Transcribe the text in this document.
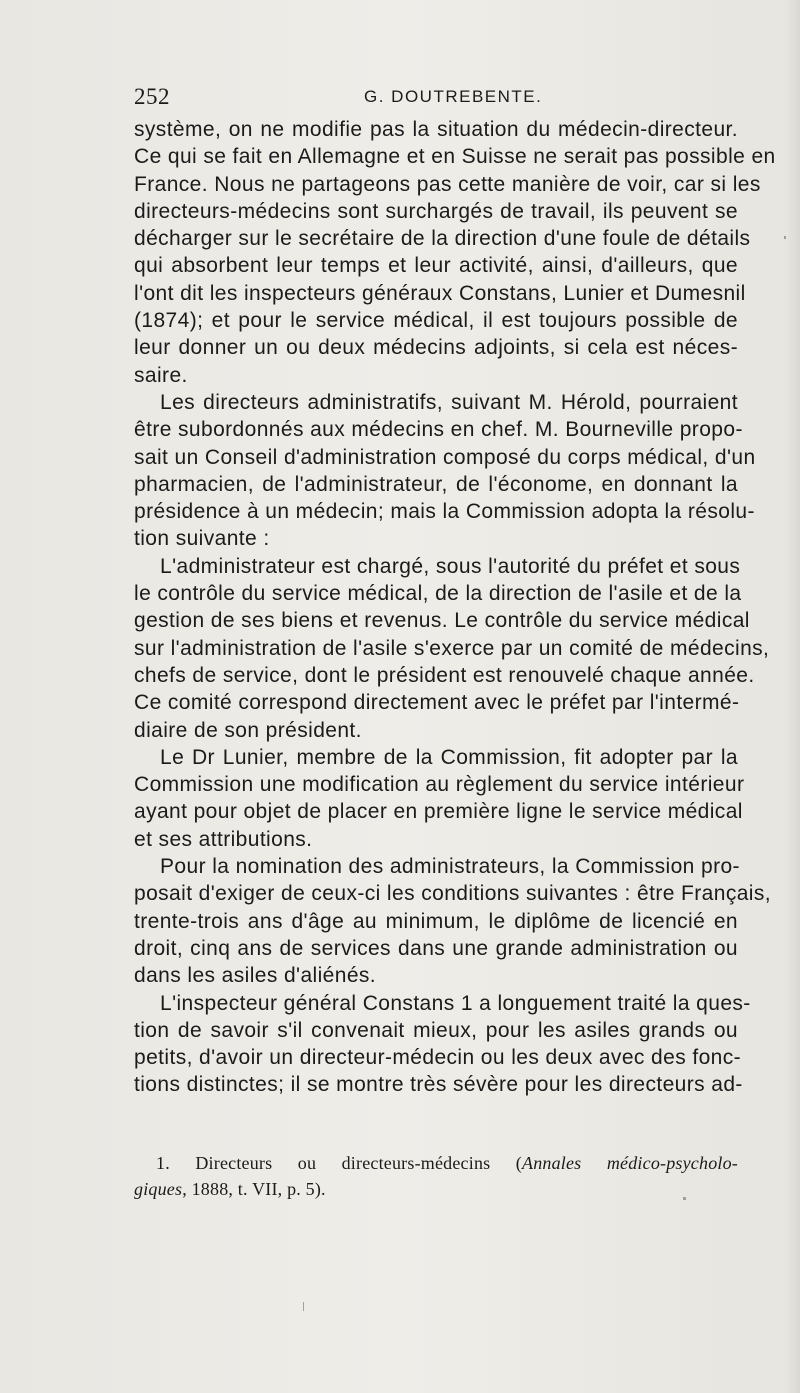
252	G. DOUTREBENTE.
système, on ne modifie pas la situation du médecin-directeur.
Ce qui se fait en Allemagne et en Suisse ne serait pas possible en
France. Nous ne partageons pas cette manière de voir, car si les
directeurs-médecins sont surchargés de travail, ils peuvent se
décharger sur le secrétaire de la direction d'une foule de détails
qui absorbent leur temps et leur activité, ainsi, d'ailleurs, que
l'ont dit les inspecteurs généraux Constans, Lunier et Dumesnil
(1874); et pour le service médical, il est toujours possible de
leur donner un ou deux médecins adjoints, si cela est néces-
saire.
Les directeurs administratifs, suivant M. Hérold, pourraient
être subordonnés aux médecins en chef. M. Bourneville propo-
sait un Conseil d'administration composé du corps médical, d'un
pharmacien, de l'administrateur, de l'économe, en donnant la
présidence à un médecin; mais la Commission adopta la résolu-
tion suivante :
L'administrateur est chargé, sous l'autorité du préfet et sous
le contrôle du service médical, de la direction de l'asile et de la
gestion de ses biens et revenus. Le contrôle du service médical
sur l'administration de l'asile s'exerce par un comité de médecins,
chefs de service, dont le président est renouvelé chaque année.
Ce comité correspond directement avec le préfet par l'intermé-
diaire de son président.
Le Dr Lunier, membre de la Commission, fit adopter par la
Commission une modification au règlement du service intérieur
ayant pour objet de placer en première ligne le service médical
et ses attributions.
Pour la nomination des administrateurs, la Commission pro-
posait d'exiger de ceux-ci les conditions suivantes : être Français,
trente-trois ans d'âge au minimum, le diplôme de licencié en
droit, cinq ans de services dans une grande administration ou
dans les asiles d'aliénés.
L'inspecteur général Constans 1 a longuement traité la ques-
tion de savoir s'il convenait mieux, pour les asiles grands ou
petits, d'avoir un directeur-médecin ou les deux avec des fonc-
tions distinctes; il se montre très sévère pour les directeurs ad-
1. Directeurs ou directeurs-médecins (Annales médico-psycholo-
giques, 1888, t. VII, p. 5).
